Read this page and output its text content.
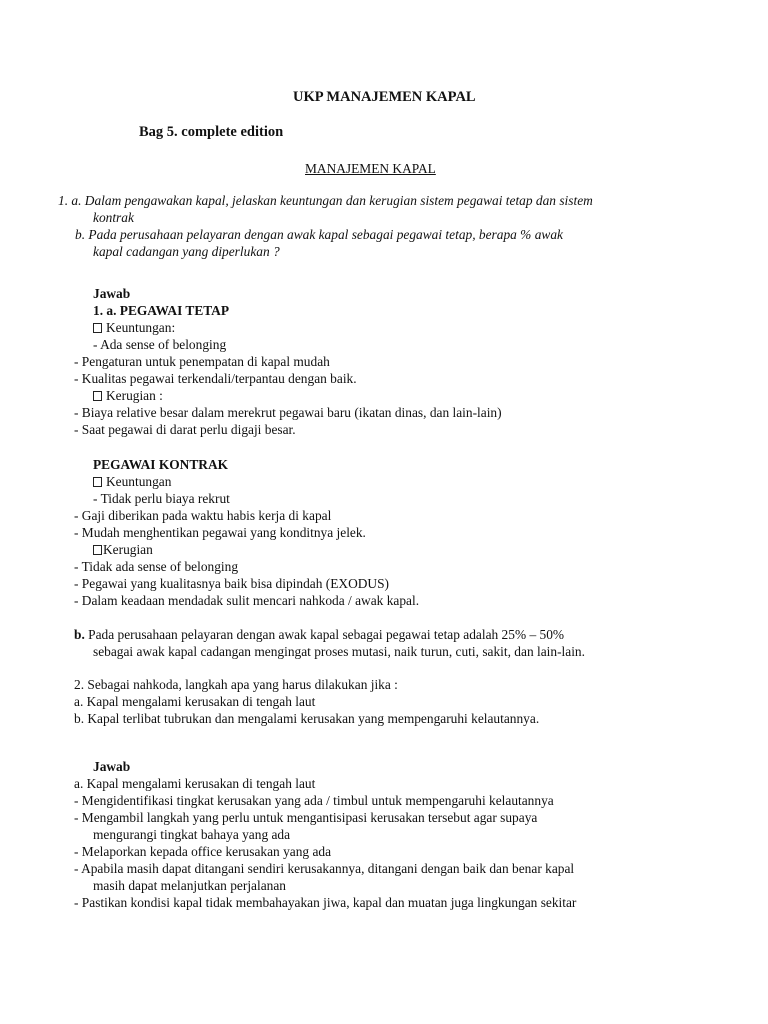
UKP MANAJEMEN KAPAL
Bag 5. complete edition
MANAJEMEN KAPAL
1. a. Dalam pengawakan kapal, jelaskan keuntungan dan kerugian sistem pegawai tetap dan sistem
kontrak
b. Pada perusahaan pelayaran dengan awak kapal sebagai pegawai tetap, berapa % awak
kapal cadangan yang diperlukan ?
Jawab
1. a. PEGAWAI TETAP
Keuntungan:
- Ada sense of belonging
- Pengaturan untuk penempatan di kapal mudah
- Kualitas pegawai terkendali/terpantau dengan baik.
Kerugian :
- Biaya relative besar dalam merekrut pegawai baru (ikatan dinas, dan lain-lain)
- Saat pegawai di darat perlu digaji besar.
PEGAWAI KONTRAK
Keuntungan
- Tidak perlu biaya rekrut
- Gaji diberikan pada waktu habis kerja di kapal
- Mudah menghentikan pegawai yang konditnya jelek.
Kerugian
- Tidak ada sense of belonging
- Pegawai yang kualitasnya baik bisa dipindah (EXODUS)
- Dalam keadaan mendadak sulit mencari nahkoda / awak kapal.
b. Pada perusahaan pelayaran dengan awak kapal sebagai pegawai tetap adalah 25% – 50%
sebagai awak kapal cadangan mengingat proses mutasi, naik turun, cuti, sakit, dan lain-lain.
2. Sebagai nahkoda, langkah apa yang harus dilakukan jika :
a. Kapal mengalami kerusakan di tengah laut
b. Kapal terlibat tubrukan dan mengalami kerusakan yang mempengaruhi kelautannya.
Jawab
a. Kapal mengalami kerusakan di tengah laut
- Mengidentifikasi tingkat kerusakan yang ada / timbul untuk mempengaruhi kelautannya
- Mengambil langkah yang perlu untuk mengantisipasi kerusakan tersebut agar supaya
mengurangi tingkat bahaya yang ada
- Melaporkan kepada office kerusakan yang ada
- Apabila masih dapat ditangani sendiri kerusakannya, ditangani dengan baik dan benar kapal
masih dapat melanjutkan perjalanan
- Pastikan kondisi kapal tidak membahayakan jiwa, kapal dan muatan juga lingkungan sekitar
